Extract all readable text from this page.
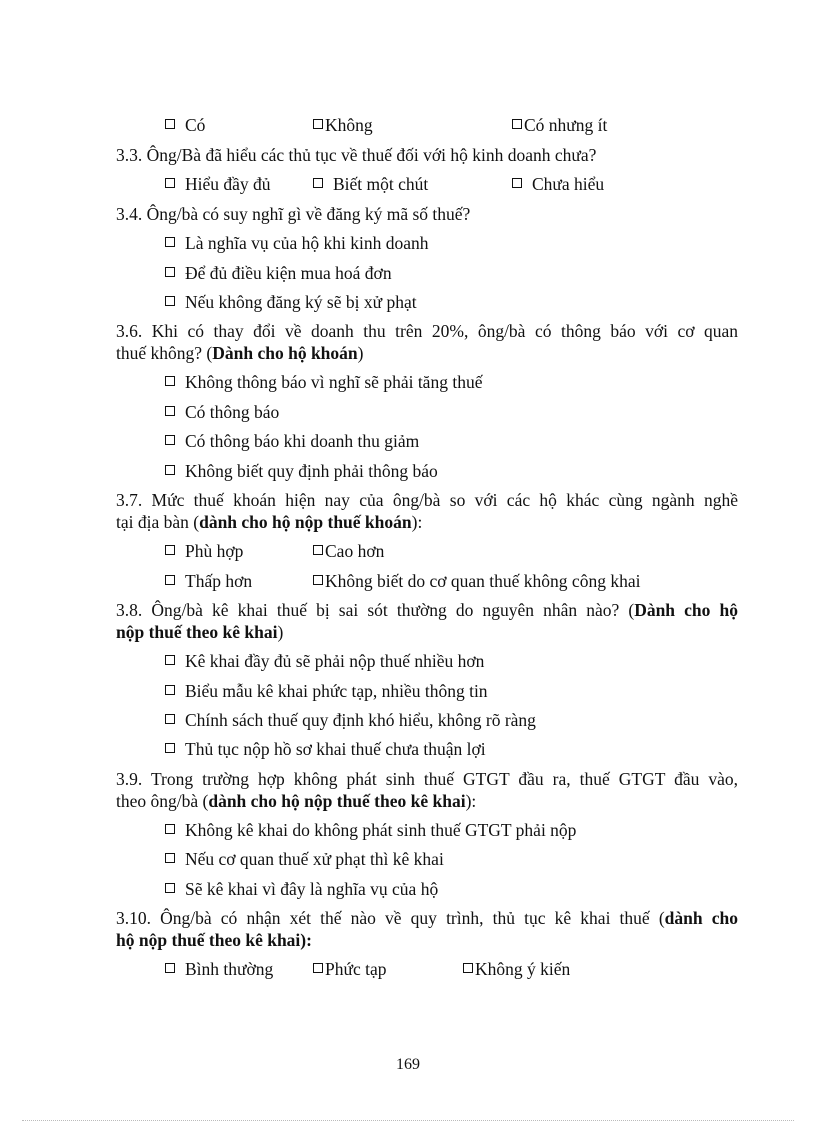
Có	Không	Có nhưng ít
3.3. Ông/Bà đã hiểu các thủ tục về thuế đối với hộ kinh doanh chưa?
Hiểu đầy đủ	Biết một chút	Chưa hiểu
3.4. Ông/bà có suy nghĩ gì về đăng ký mã số thuế?
Là nghĩa vụ của hộ khi kinh doanh
Để đủ điều kiện mua hoá đơn
Nếu không đăng ký sẽ bị xử phạt
3.6. Khi có thay đổi về doanh thu trên 20%, ông/bà có thông báo với cơ quan
thuế không? (Dành cho hộ khoán)
Không thông báo vì nghĩ sẽ phải tăng thuế
Có thông báo
Có thông báo khi doanh thu giảm
Không biết quy định phải thông báo
3.7. Mức thuế khoán hiện nay của ông/bà so với các hộ khác cùng ngành nghề
tại địa bàn (dành cho hộ nộp thuế khoán):
Phù hợp	Cao hơn
Thấp hơn	Không biết do cơ quan thuế không công khai
3.8. Ông/bà kê khai thuế bị sai sót thường do nguyên nhân nào? (Dành cho hộ
nộp thuế theo kê khai)
Kê khai đầy đủ sẽ phải nộp thuế nhiều hơn
Biểu mẫu kê khai phức tạp, nhiều thông tin
Chính sách thuế quy định khó hiểu, không rõ ràng
Thủ tục nộp hồ sơ khai thuế chưa thuận lợi
3.9. Trong trường hợp không phát sinh thuế GTGT đầu ra, thuế GTGT đầu vào,
theo ông/bà (dành cho hộ nộp thuế theo kê khai):
Không kê khai do không phát sinh thuế GTGT phải nộp
Nếu cơ quan thuế xử phạt thì kê khai
Sẽ kê khai vì đây là nghĩa vụ của hộ
3.10. Ông/bà có nhận xét thế nào về quy trình, thủ tục kê khai thuế (dành cho
hộ nộp thuế theo kê khai):
Bình thường	Phức tạp	Không ý kiến
169
